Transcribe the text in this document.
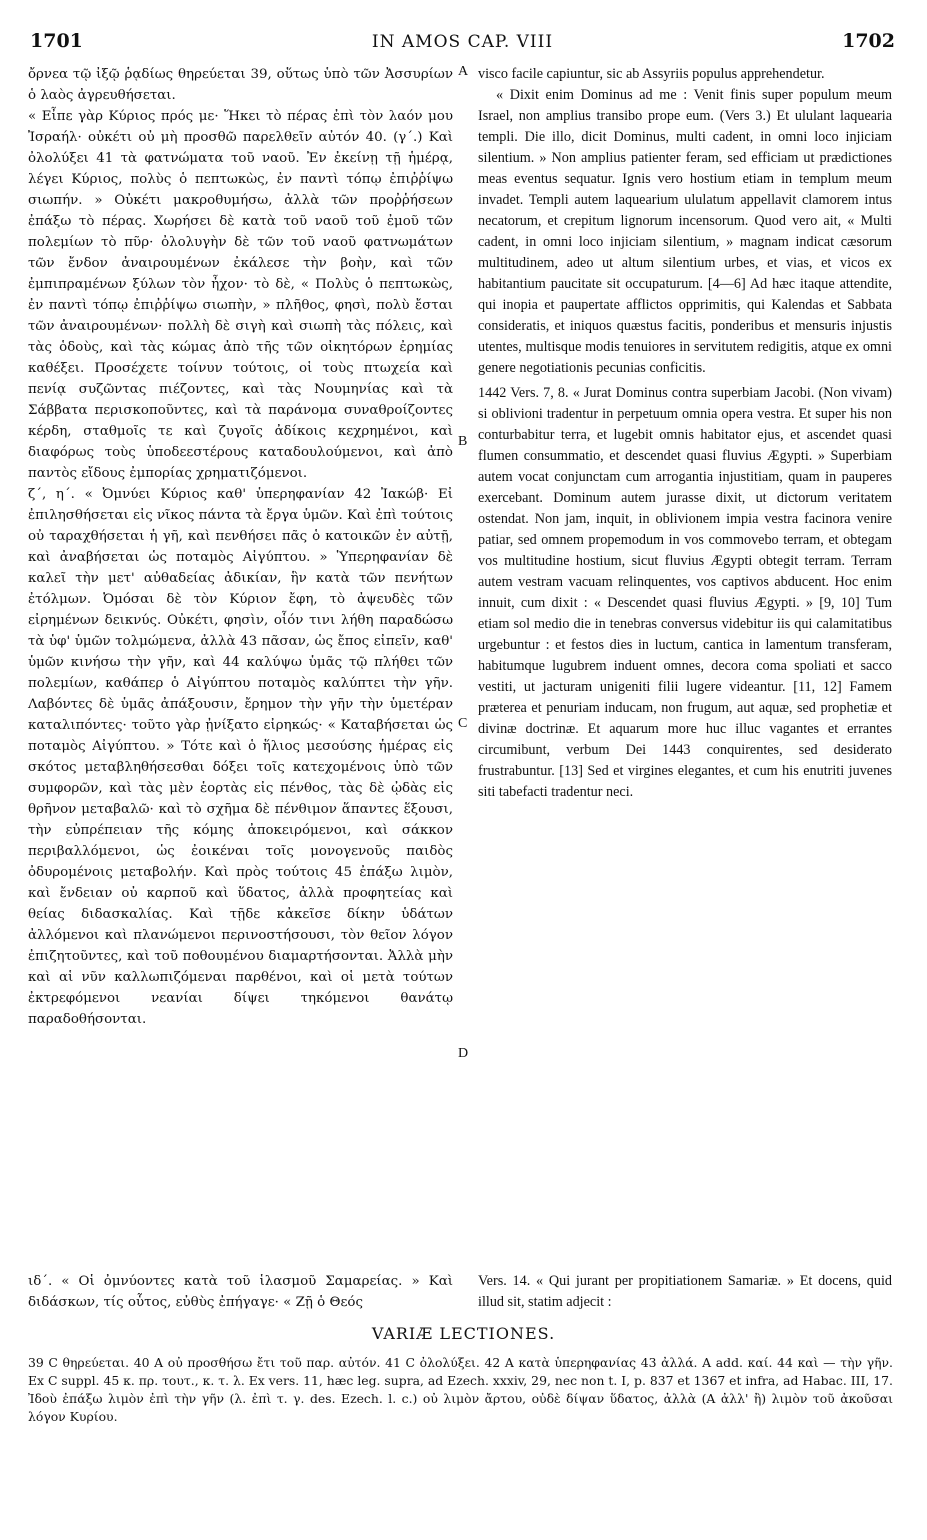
1701	IN AMOS CAP. VIII	1702

ὄρνεα τῷ ἰξῷ ῥᾳδίως θηρεύεται 39, οὕτως ὑπὸ τῶν Ἀσσυρίων ὁ λαὸς ἀγρευθήσεται.

« Εἶπε γὰρ Κύριος πρός με· Ἥκει τὸ πέρας ἐπὶ τὸν λαόν μου Ἰσραήλ· οὐκέτι οὐ μὴ προσθῶ παρελθεῖν αὐτόν 40. (γ΄.) Καὶ ὀλολύξει 41 τὰ φατνώματα τοῦ ναοῦ. Ἐν ἐκείνῃ τῇ ἡμέρᾳ, λέγει Κύριος, πολὺς ὁ πεπτωκὼς, ἐν παντὶ τόπῳ ἐπιῤῥίψω σιωπήν. » Οὐκέτι μακροθυμήσω, ἀλλὰ τῶν προῤῥήσεων ἐπάξω τὸ πέρας. Χωρήσει δὲ κατὰ τοῦ ναοῦ τοῦ ἐμοῦ τῶν πολεμίων τὸ πῦρ· ὀλολυγὴν δὲ τῶν τοῦ ναοῦ φατνωμάτων τῶν ἔνδον ἀναιρουμένων ἐκάλεσε τὴν βοὴν, καὶ τῶν ἐμπιπραμένων ξύλων τὸν ἦχον· τὸ δὲ, « Πολὺς ὁ πεπτωκὼς, ἐν παντὶ τόπῳ ἐπιῤῥίψω σιωπὴν, » πλῆθος, φησὶ, πολὺ ἔσται τῶν ἀναιρουμένων· πολλὴ δὲ σιγὴ καὶ σιωπὴ τὰς πόλεις, καὶ τὰς ὁδοὺς, καὶ τὰς κώμας ἀπὸ τῆς τῶν οἰκητόρων ἐρημίας καθέξει. Προσέχετε τοίνυν τούτοις, οἱ τοὺς πτωχεία καὶ πενίᾳ συζῶντας πιέζοντες, καὶ τὰς Νουμηνίας καὶ τὰ Σάββατα περισκοποῦντες, καὶ τὰ παράνομα συναθροίζοντες κέρδη, σταθμοῖς τε καὶ ζυγοῖς ἀδίκοις κεχρημένοι, καὶ διαφόρως τοὺς ὑποδεεστέρους καταδουλούμενοι, καὶ ἀπὸ παντὸς εἴδους ἐμπορίας χρηματιζόμενοι.

ζ΄, η΄. « Ὀμνύει Κύριος καθ' ὑπερηφανίαν 42 Ἰακώβ· Εἰ ἐπιλησθήσεται εἰς νῖκος πάντα τὰ ἔργα ὑμῶν. Καὶ ἐπὶ τούτοις οὐ ταραχθήσεται ἡ γῆ, καὶ πενθήσει πᾶς ὁ κατοικῶν ἐν αὐτῇ, καὶ ἀναβήσεται ὡς ποταμὸς Αἰγύπτου. » Ὑπερηφανίαν δὲ καλεῖ τὴν μετ' αὐθαδείας ἀδικίαν, ἣν κατὰ τῶν πενήτων ἐτόλμων. Ὀμόσαι δὲ τὸν Κύριον ἔφη, τὸ ἀψευδὲς τῶν εἰρημένων δεικνύς. Οὐκέτι, φησὶν, οἷόν τινι λήθη παραδώσω τὰ ὑφ' ὑμῶν τολμώμενα, ἀλλὰ 43 πᾶσαν, ὡς ἔπος εἰπεῖν, καθ' ὑμῶν κινήσω τὴν γῆν, καὶ 44 καλύψω ὑμᾶς τῷ πλήθει τῶν πολεμίων, καθάπερ ὁ Αἰγύπτου ποταμὸς καλύπτει τὴν γῆν. Λαβόντες δὲ ὑμᾶς ἀπάξουσιν, ἔρημον τὴν γῆν τὴν ὑμετέραν καταλιπόντες· τοῦτο γὰρ ᾐνίξατο εἰρηκώς· « Καταβήσεται ὡς ποταμὸς Αἰγύπτου. » Τότε καὶ ὁ ἥλιος μεσούσης ἡμέρας εἰς σκότος μεταβληθήσεσθαι δόξει τοῖς κατεχομένοις ὑπὸ τῶν συμφορῶν, καὶ τὰς μὲν ἑορτὰς εἰς πένθος, τὰς δὲ ᾠδὰς εἰς θρῆνον μεταβαλῶ· καὶ τὸ σχῆμα δὲ πένθιμον ἅπαντες ἕξουσι, τὴν εὐπρέπειαν τῆς κόμης ἀποκειρόμενοι, καὶ σάκκον περιβαλλόμενοι, ὡς ἐοικέναι τοῖς μονογενοῦς παιδὸς ὀδυρομένοις μεταβολήν. Καὶ πρὸς τούτοις 45 ἐπάξω λιμὸν, καὶ ἔνδειαν οὐ καρποῦ καὶ ὕδατος, ἀλλὰ προφητείας καὶ θείας διδασκαλίας. Καὶ τῇδε κἀκεῖσε δίκην ὑδάτων ἀλλόμενοι καὶ πλανώμενοι περινοστήσουσι, τὸν θεῖον λόγον ἐπιζητοῦντες, καὶ τοῦ ποθουμένου διαμαρτήσονται. Ἀλλὰ μὴν καὶ αἱ νῦν καλλωπιζόμεναι παρθένοι, καὶ οἱ μετὰ τούτων ἐκτρεφόμενοι νεανίαι δίψει τηκόμενοι θανάτῳ παραδοθήσονται.

A
B
C
D

visco facile capiuntur, sic ab Assyriis populus apprehendetur.

« Dixit enim Dominus ad me : Venit finis super populum meum Israel, non amplius transibo prope eum. (Vers 3.) Et ululant laquearia templi. Die illo, dicit Dominus, multi cadent, in omni loco injiciam silentium. » Non amplius patienter feram, sed efficiam ut prædictiones meas eventus sequatur. Ignis vero hostium etiam in templum meum invadet. Templi autem laquearium ululatum appellavit clamorem intus necatorum, et crepitum lignorum incensorum. Quod vero ait, « Multi cadent, in omni loco injiciam silentium, » magnam indicat cæsorum multitudinem, adeo ut altum silentium urbes, et vias, et vicos ex habitantium paucitate sit occupaturum. [4—6] Ad hæc itaque attendite, qui inopia et paupertate afflictos opprimitis, qui Kalendas et Sabbata consideratis, et iniquos quæstus facitis, ponderibus et mensuris injustis utentes, multisque modis tenuiores in servitutem redigitis, atque ex omni genere negotiationis pecunias conficitis.

1442 Vers. 7, 8. « Jurat Dominus contra superbiam Jacobi. (Non vivam) si oblivioni tradentur in perpetuum omnia opera vestra. Et super his non conturbabitur terra, et lugebit omnis habitator ejus, et ascendet quasi flumen consummatio, et descendet quasi fluvius Ægypti. » Superbiam autem vocat conjunctam cum arrogantia injustitiam, quam in pauperes exercebant. Dominum autem jurasse dixit, ut dictorum veritatem ostendat. Non jam, inquit, in oblivionem impia vestra facinora venire patiar, sed omnem propemodum in vos commovebo terram, et obtegam vos multitudine hostium, sicut fluvius Ægypti obtegit terram. Terram autem vestram vacuam relinquentes, vos captivos abducent. Hoc enim innuit, cum dixit : « Descendet quasi fluvius Ægypti. » [9, 10] Tum etiam sol medio die in tenebras conversus videbitur iis qui calamitatibus urgebuntur : et festos dies in luctum, cantica in lamentum transferam, habitumque lugubrem induent omnes, decora coma spoliati et sacco vestiti, ut jacturam unigeniti filii lugere videantur. [11, 12] Famem præterea et penuriam inducam, non frugum, aut aquæ, sed prophetiæ et divinæ doctrinæ. Et aquarum more huc illuc vagantes et errantes circumibunt, verbum Dei 1443 conquirentes, sed desiderato frustrabuntur. [13] Sed et virgines elegantes, et cum his enutriti juvenes siti tabefacti tradentur neci.

ιδ΄. « Οἱ ὀμνύοντες κατὰ τοῦ ἱλασμοῦ Σαμαρείας. » Καὶ διδάσκων, τίς οὗτος, εὐθὺς ἐπήγαγε· « Ζῇ ὁ Θεός

Vers. 14. « Qui jurant per propitiationem Samariæ. » Et docens, quid illud sit, statim adjecit :

VARIÆ LECTIONES.

39 C θηρεύεται. 40 A οὐ προσθήσω ἔτι τοῦ παρ. αὐτόν. 41 C ὀλολύξει. 42 A κατὰ ὑπερηφανίας 43 ἀλλά. A add. καί. 44 καὶ — τὴν γῆν. Ex C suppl. 45 κ. πρ. τουτ., κ. τ. λ. Ex vers. 11, hæc leg. supra, ad Ezech. xxxiv, 29, nec non t. I, p. 837 et 1367 et infra, ad Habac. III, 17. Ἰδοὺ ἐπάξω λιμὸν ἐπὶ τὴν γῆν (λ. ἐπὶ τ. γ. des. Ezech. l. c.) οὐ λιμὸν ἄρτου, οὐδὲ δίψαν ὕδατος, ἀλλὰ (A ἀλλ' ἢ) λιμὸν τοῦ ἀκοῦσαι λόγον Κυρίου.
